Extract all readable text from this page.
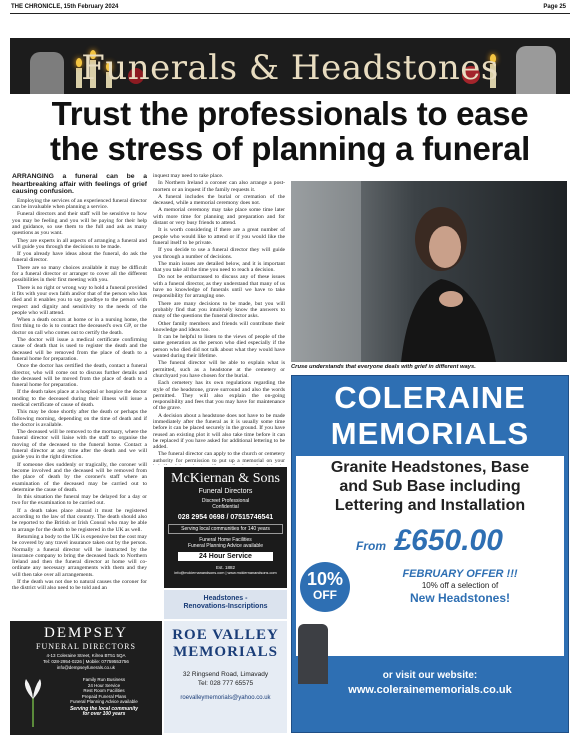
THE CHRONICLE, 15th February 2024	Page 25
Funerals & Headstones
Trust the professionals to ease
the stress of planning a funeral

ARRANGING a funeral can be a heartbreaking affair with feelings of grief causing confusion.

Employing the services of an experienced funeral director can be invaluable when planning a service.

Funeral directors and their staff will be sensitive to how you may be feeling and you will be paying for their help and guidance, so use them to the full and ask as many questions as you want.

They are experts in all aspects of arranging a funeral and will guide you through the decisions to be made.

If you already have ideas about the funeral, do ask the funeral director.

There are so many choices available it may be difficult for a funeral director or arranger to cover all the different possibilities in their first meeting with you.

There is no right or wrong way to hold a funeral provided it fits with your own faith and/or that of the person who has died and it enables you to say goodbye to the person with respect and dignity and sensitivity to the needs of the people who will attend.

When a death occurs at home or in a nursing home, the first thing to do is to contact the deceased's own GP, or the doctor on call who comes out to certify the death.

The doctor will issue a medical certificate confirming cause of death that is used to register the death and the deceased will be removed from the place of death to a funeral home for preparation.

Once the doctor has certified the death, contact a funeral director, who will come out to discuss further details and the deceased will be moved from the place of death to a funeral home for preparation.

If the death takes place at a hospital or hospice the doctor tending to the deceased during their illness will issue a medical certificate of cause of death.

This may be done shortly after the death or perhaps the following morning, depending on the time of death and if the doctor is available.

The deceased will be removed to the mortuary, where the funeral director will liaise with the staff to organise the moving of the deceased to the funeral home. Contact a funeral director at any time after the death and we will guide you in the right direction.

If someone dies suddenly or tragically, the coroner will become involved and the deceased will be removed from the place of death by the coroner's staff where an examination of the deceased may be carried out to determine the cause of death.

In this situation the funeral may be delayed for a day or two for the examination to be carried out.

If a death takes place abroad it must be registered according to the law of that country. The death should also be reported to the British or Irish Consul who may be able to arrange for the death to be registered in the UK as well.

Returning a body to the UK is expensive but the cost may be covered by any travel insurance taken out by the person. Normally a funeral director will be instructed by the insurance company to bring the deceased back to Northern Ireland and then the funeral director at home will co-ordinate any necessary arrangements with them and they will then take over all arrangements.

If the death was not due to natural causes the coroner for the district will also need to be told and an

inquest may need to take place.

In Northern Ireland a coroner can also arrange a post-mortem or an inquest if the family requests it.

A funeral includes the burial or cremation of the deceased, while a memorial ceremony does not.

A memorial ceremony may take place some time later with more time for planning and preparation and for distant or very busy friends to attend.

It is worth considering if there are a great number of people who would like to attend or if you would like the funeral itself to be private.

If you decide to use a funeral director they will guide you through a number of decisions.

The main issues are detailed below, and it is important that you take all the time you need to reach a decision.

Do not be embarrassed to discuss any of these issues with a funeral director, as they understand that many of us have no knowledge of funerals until we have to take responsibility for arranging one.

There are many decisions to be made, but you will probably find that you intuitively know the answers to many of the questions the funeral director asks.

Other family members and friends will contribute their knowledge and ideas too.

It can be helpful to listen to the views of people of the same generation as the person who died especially if the person who died did not talk about what they would have wanted during their lifetime.

The funeral director will be able to explain what is permitted, such as a headstone at the cemetery or churchyard you have chosen for the burial.

Each cemetery has its own regulations regarding the style of the headstone, grave surround and also the words permitted. They will also explain the on-going responsibility and fees that you may have for maintenance of the grave.

A decision about a headstone does not have to be made immediately after the funeral as it is usually some time before it can be placed securely in the ground. If you have reused an existing plot it will also take time before it can be replaced if you have asked for additional lettering to be added.

The funeral director can apply to the church or cemetery authority for permission to put up a memorial on your

Cruse understands that everyone deals with grief in different ways.
COLERAINE
MEMORIALS
Granite Headstones, Base
and Sub Base including
Lettering and Installation
From £650.00
10%
OFF
FEBRUARY OFFER !!!
10% off a selection of
New Headstones!
Call
07593 505 757
or visit our website:
www.colerainememorials.co.uk
McKiernan & Sons
Funeral Directors
Discreet Professional
Confidential
028 2954 0698 / 07515746541
Serving local communities for 140 years
Funeral Home Facilities
Funeral Planning Advice available
24 Hour Service
Est. 1882
info@mckiernanandsons.com | www.mckiernanandsons.com
Headstones -
Renovations-Inscriptions
ROE VALLEY
MEMORIALS
32 Ringsend Road, Limavady
Tel: 028 777 65575
roevalleymemorials@yahoo.co.uk
DEMPSEY
FUNERAL DIRECTORS
4-13 Coleraine Street, Kilrea BT51 5QA
Tel: 028-2954-0226 | Mobile: 07759553756
info@dempseyfunerals.co.uk
Family Run Business
24 Hour Service
Rest Room Facilities
Prepaid Funeral Plans
Funeral Planning Advice available
Serving the local community
for over 100 years
